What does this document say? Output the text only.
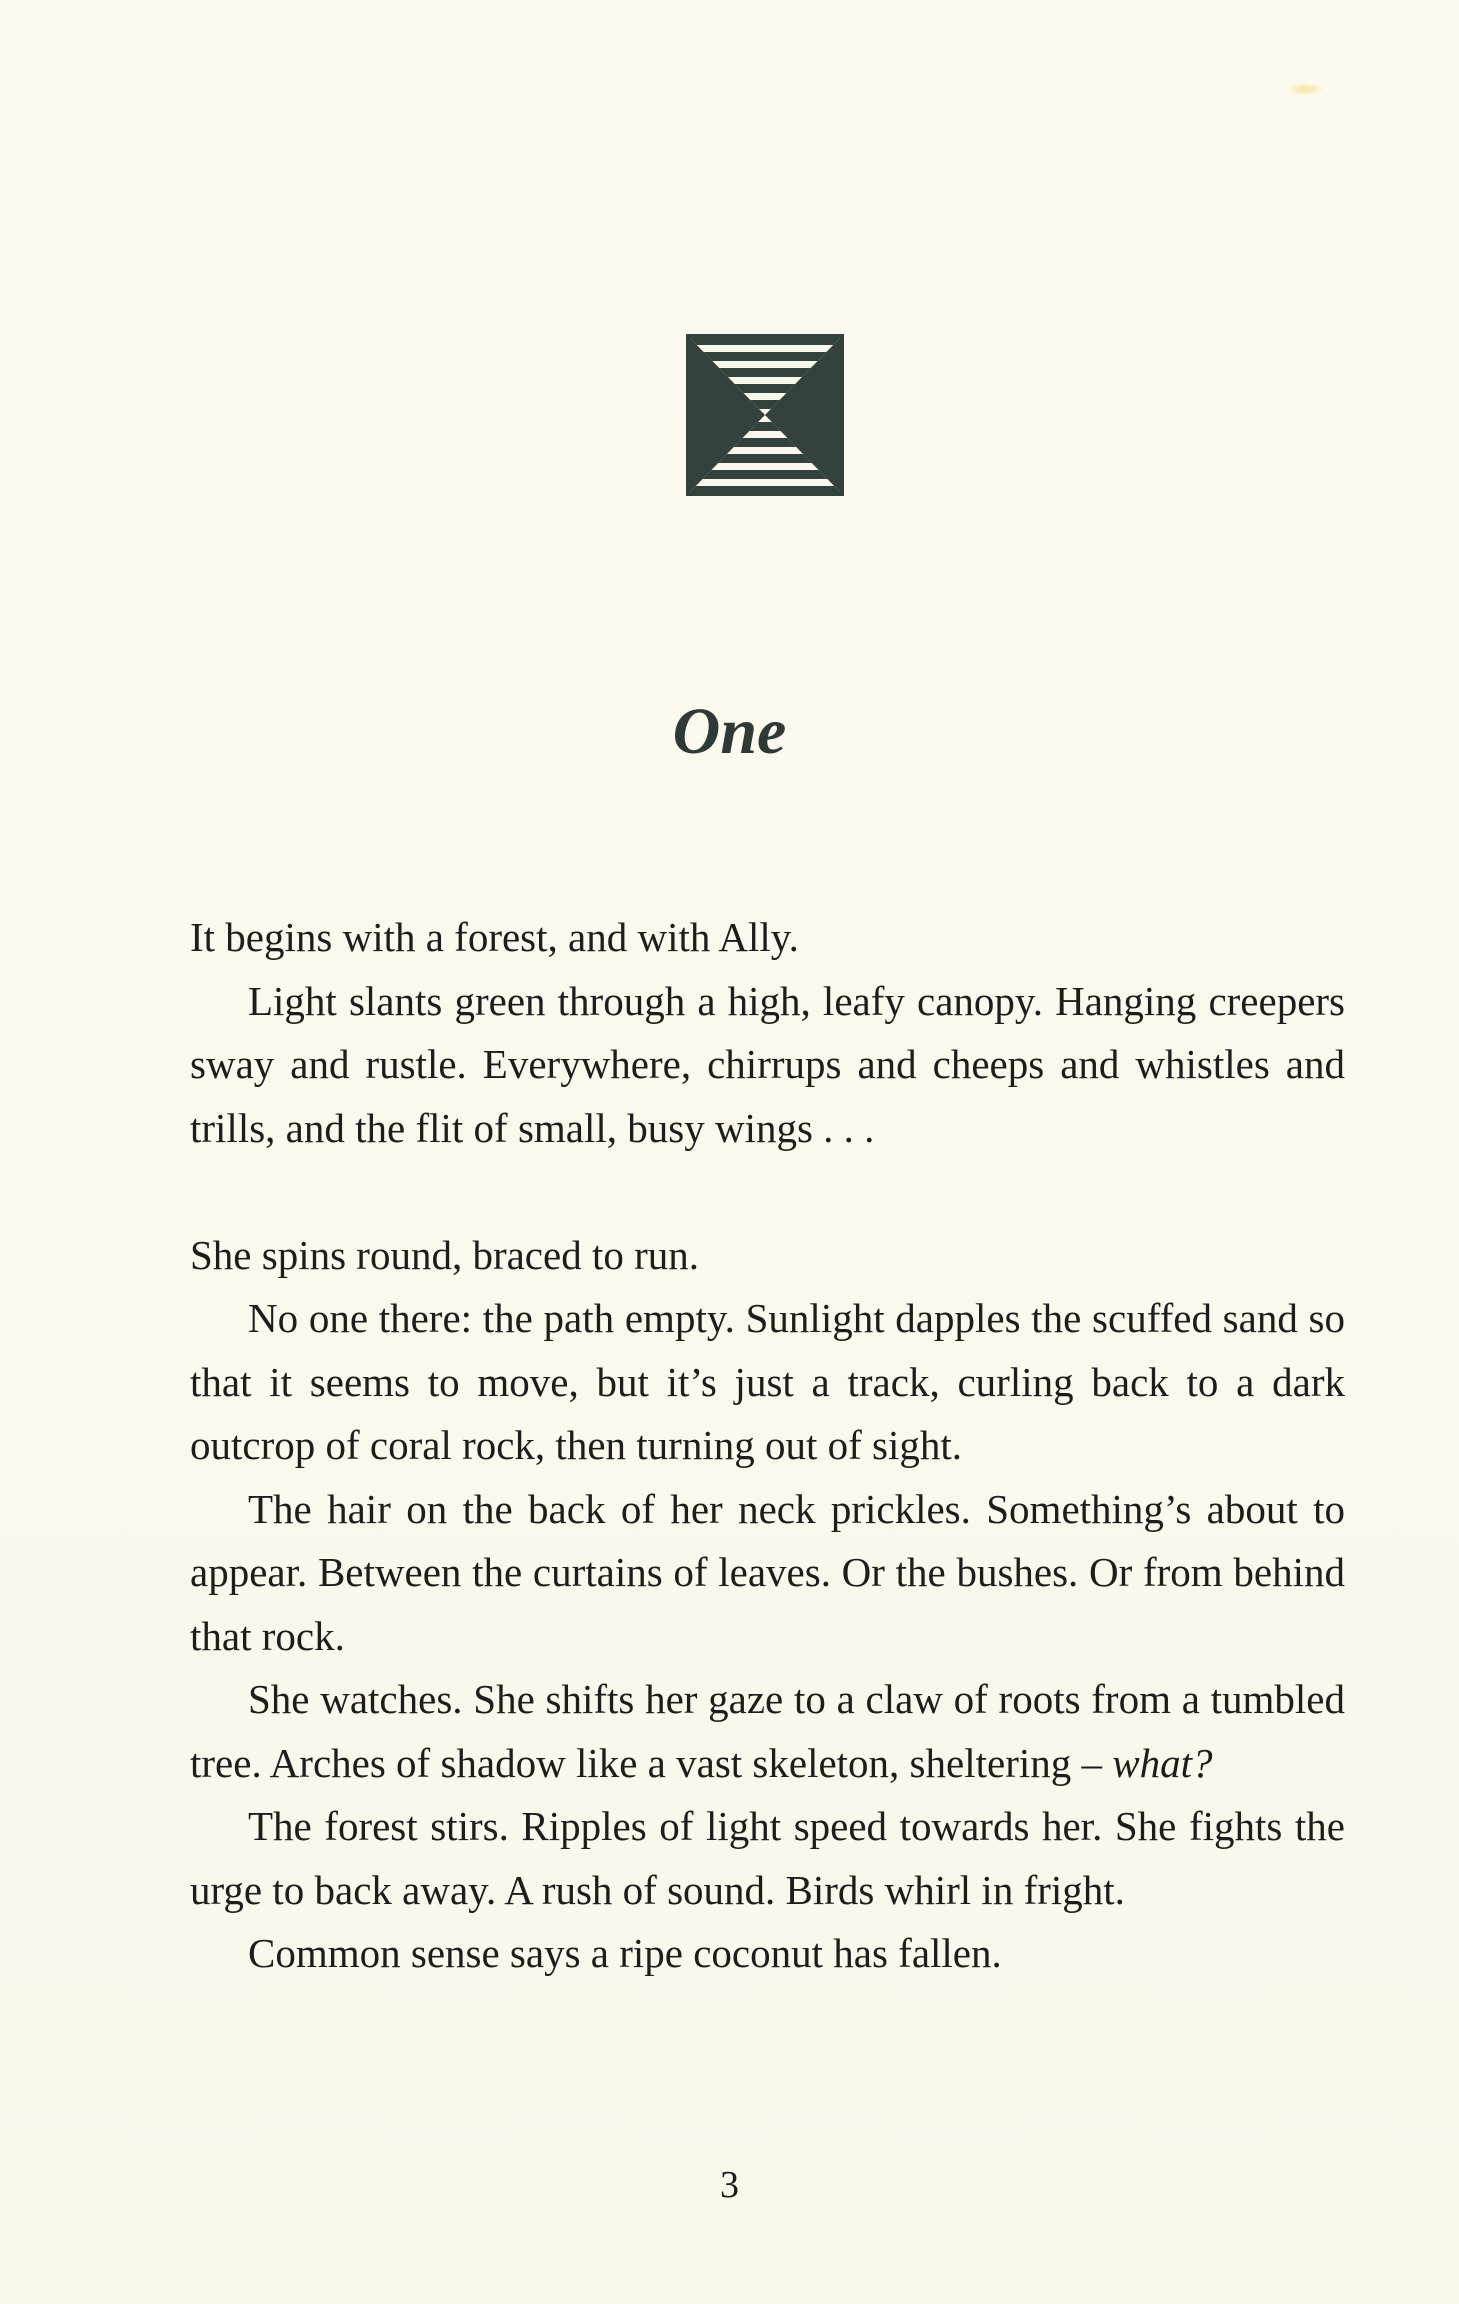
One

It begins with a forest, and with Ally.

Light slants green through a high, leafy canopy. Hanging creepers sway and rustle. Everywhere, chirrups and cheeps and whistles and trills, and the flit of small, busy wings . . .

She spins round, braced to run.

No one there: the path empty. Sunlight dapples the scuffed sand so that it seems to move, but it’s just a track, curling back to a dark outcrop of coral rock, then turning out of sight.

The hair on the back of her neck prickles. Something’s about to appear. Between the curtains of leaves. Or the bushes. Or from behind that rock.

She watches. She shifts her gaze to a claw of roots from a tumbled tree. Arches of shadow like a vast skeleton, sheltering – what?

The forest stirs. Ripples of light speed towards her. She fights the urge to back away. A rush of sound. Birds whirl in fright.

Common sense says a ripe coconut has fallen.

3
